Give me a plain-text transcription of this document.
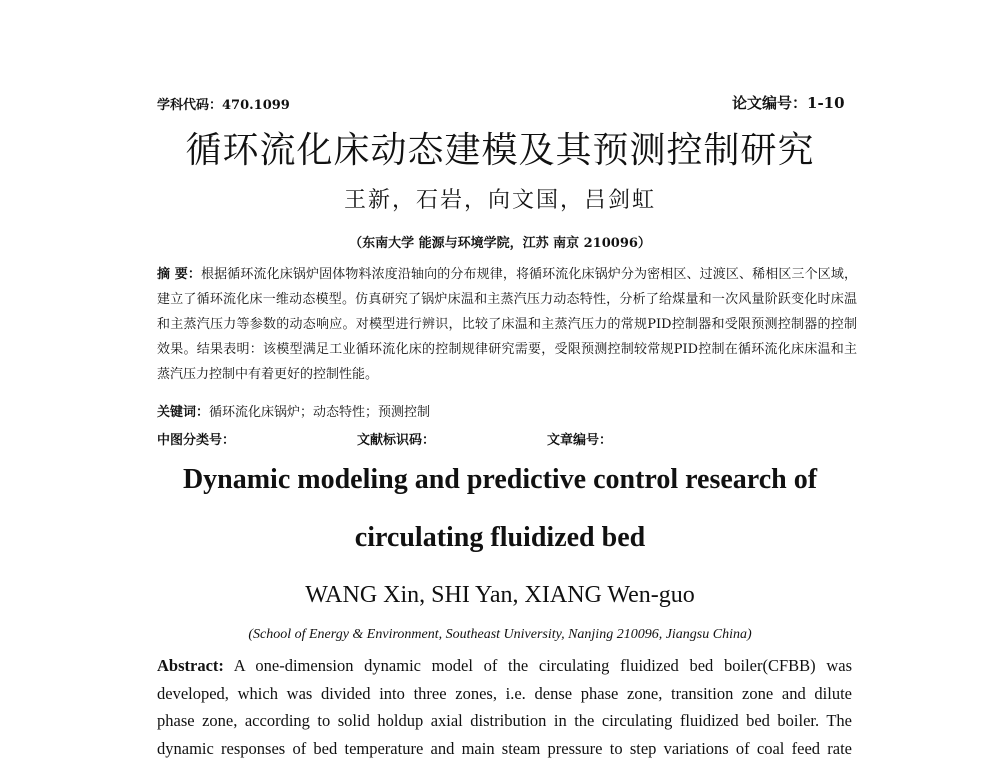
学科代码：470.1099	论文编号：1-10
循环流化床动态建模及其预测控制研究
王新，石岩，向文国，吕剑虹
（东南大学 能源与环境学院，江苏 南京 210096）
摘 要：根据循环流化床锅炉固体物料浓度沿轴向的分布规律，将循环流化床锅炉分为密相区、过渡区、稀相区三个区域，建立了循环流化床一维动态模型。仿真研究了锅炉床温和主蒸汽压力动态特性，分析了给煤量和一次风量阶跃变化时床温和主蒸汽压力等参数的动态响应。对模型进行辨识，比较了床温和主蒸汽压力的常规PID控制器和受限预测控制器的控制效果。结果表明：该模型满足工业循环流化床的控制规律研究需要，受限预测控制较常规PID控制在循环流化床床温和主蒸汽压力控制中有着更好的控制性能。
关键词：循环流化床锅炉；动态特性；预测控制
中图分类号：	文献标识码：	文章编号：
Dynamic modeling and predictive control research of
circulating fluidized bed
WANG Xin, SHI Yan, XIANG Wen-guo
(School of Energy & Environment, Southeast University, Nanjing 210096, Jiangsu China)
Abstract: A one-dimension dynamic model of the circulating fluidized bed boiler(CFBB) was
developed, which was divided into three zones, i.e. dense phase zone, transition zone and dilute
phase zone, according to solid holdup axial distribution in the circulating fluidized bed boiler. The
dynamic responses of bed temperature and main steam pressure to step variations of coal feed rate
